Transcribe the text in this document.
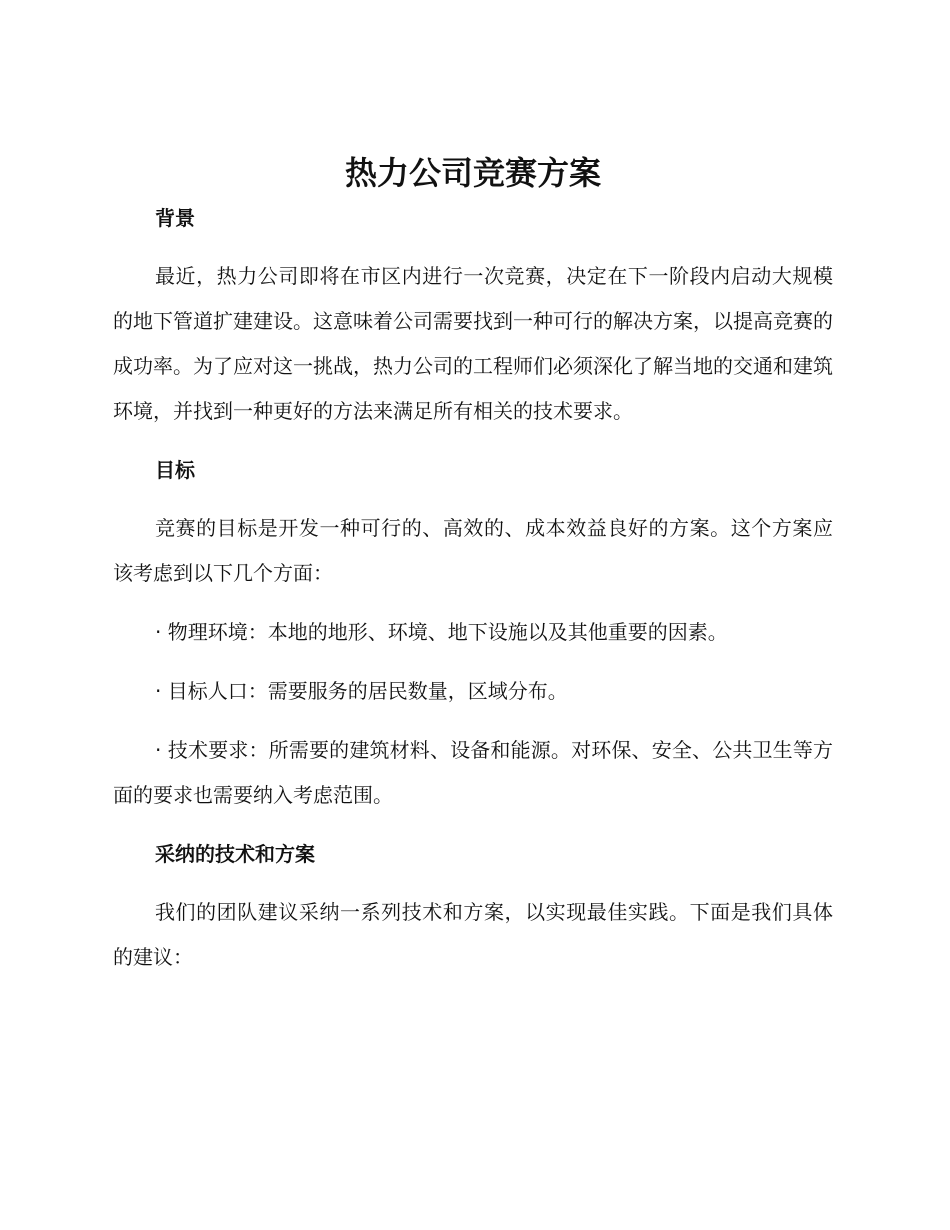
热力公司竞赛方案
背景

最近，热力公司即将在市区内进行一次竞赛，决定在下一阶段内启动大规模的地下管道扩建建设。这意味着公司需要找到一种可行的解决方案，以提高竞赛的成功率。为了应对这一挑战，热力公司的工程师们必须深化了解当地的交通和建筑环境，并找到一种更好的方法来满足所有相关的技术要求。

目标

竞赛的目标是开发一种可行的、高效的、成本效益良好的方案。这个方案应该考虑到以下几个方面：

· 物理环境：本地的地形、环境、地下设施以及其他重要的因素。

· 目标人口：需要服务的居民数量，区域分布。

· 技术要求：所需要的建筑材料、设备和能源。对环保、安全、公共卫生等方面的要求也需要纳入考虑范围。

采纳的技术和方案

我们的团队建议采纳一系列技术和方案，以实现最佳实践。下面是我们具体的建议：
